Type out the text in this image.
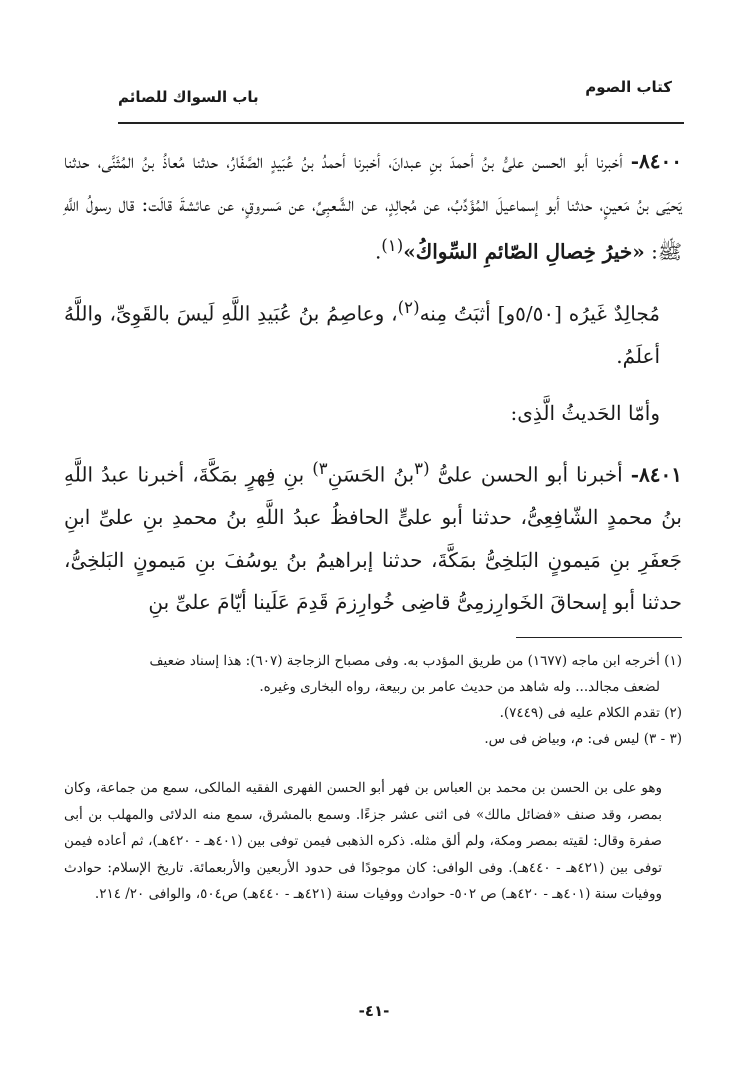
كتاب الصوم
باب السواك للصائم

٨٤٠٠- أخبرنا أبو الحسن علىُّ بنُ أحمدَ بنِ عبدانَ، أخبرنا أحمدُ بنُ عُبَيدٍ الصَّفّارُ، حدثنا مُعاذُ بنُ المُثَنَّى، حدثنا يَحيَى بنُ مَعينٍ، حدثنا أبو إسماعيلَ المُؤَدِّبُ، عن مُجالِدٍ، عن الشَّعبِىِّ، عن مَسروقٍ، عن عائشةَ قالَت: قال رسولُ اللَّهِ ﷺ: «خيرُ خِصالِ الصّائمِ السِّواكُ»$^{(١)}$.

مُجالِدٌ غَيرُه [٥/٥٠و] أثبَتُ مِنه$^{(٢)}$، وعاصِمُ بنُ عُبَيدِ اللَّهِ لَيسَ بالقَوِىِّ، واللَّهُ أعلَمُ.

وأمّا الحَديثُ الَّذِى:

٨٤٠١- أخبرنا أبو الحسن علىُّ $^{(٣}$بنُ الحَسَنِ$^{٣)}$ بنِ فِهرٍ بمَكَّةَ، أخبرنا عبدُ اللَّهِ بنُ محمدٍ الشّافِعِىُّ، حدثنا أبو علىٍّ الحافظُ عبدُ اللَّهِ بنُ محمدِ بنِ علىِّ ابنِ جَعفَرِ بنِ مَيمونٍ البَلخِىُّ بمَكَّةَ، حدثنا إبراهيمُ بنُ يوسُفَ بنِ مَيمونٍ البَلخِىُّ، حدثنا أبو إسحاقَ الخَوارِزمِىُّ قاضِى خُوارِزمَ قَدِمَ عَلَينا أيّامَ علىِّ بنِ

(١) أخرجه ابن ماجه (١٦٧٧) من طريق المؤدب به. وفى مصباح الزجاجة (٦٠٧): هذا إسناد ضعيف

لضعف مجالد... وله شاهد من حديث عامر بن ربيعة، رواه البخارى وغيره.

(٢) تقدم الكلام عليه فى (٧٤٤٩).

(٣ - ٣) ليس فى: م، وبياض فى س.

وهو على بن الحسن بن محمد بن العباس بن فهر أبو الحسن الفهرى الفقيه المالكى، سمع من جماعة، وكان بمصر، وقد صنف «فضائل مالك» فى اثنى عشر جزءًا. وسمع بالمشرق، سمع منه الدلائى والمهلب بن أبى صفرة وقال: لقيته بمصر ومكة، ولم ألق مثله. ذكره الذهبى فيمن توفى بين (٤٠١هـ - ٤٢٠هـ)، ثم أعاده فيمن توفى بين (٤٢١هـ - ٤٤٠هـ). وفى الوافى: كان موجودًا فى حدود الأربعين والأربعمائة. تاريخ الإسلام: حوادث ووفيات سنة (٤٠١هـ - ٤٢٠هـ) ص ٥٠٢- حوادث ووفيات سنة (٤٢١هـ - ٤٤٠هـ) ص٥٠٤، والوافى ٢٠/ ٢١٤.

-٤١-
